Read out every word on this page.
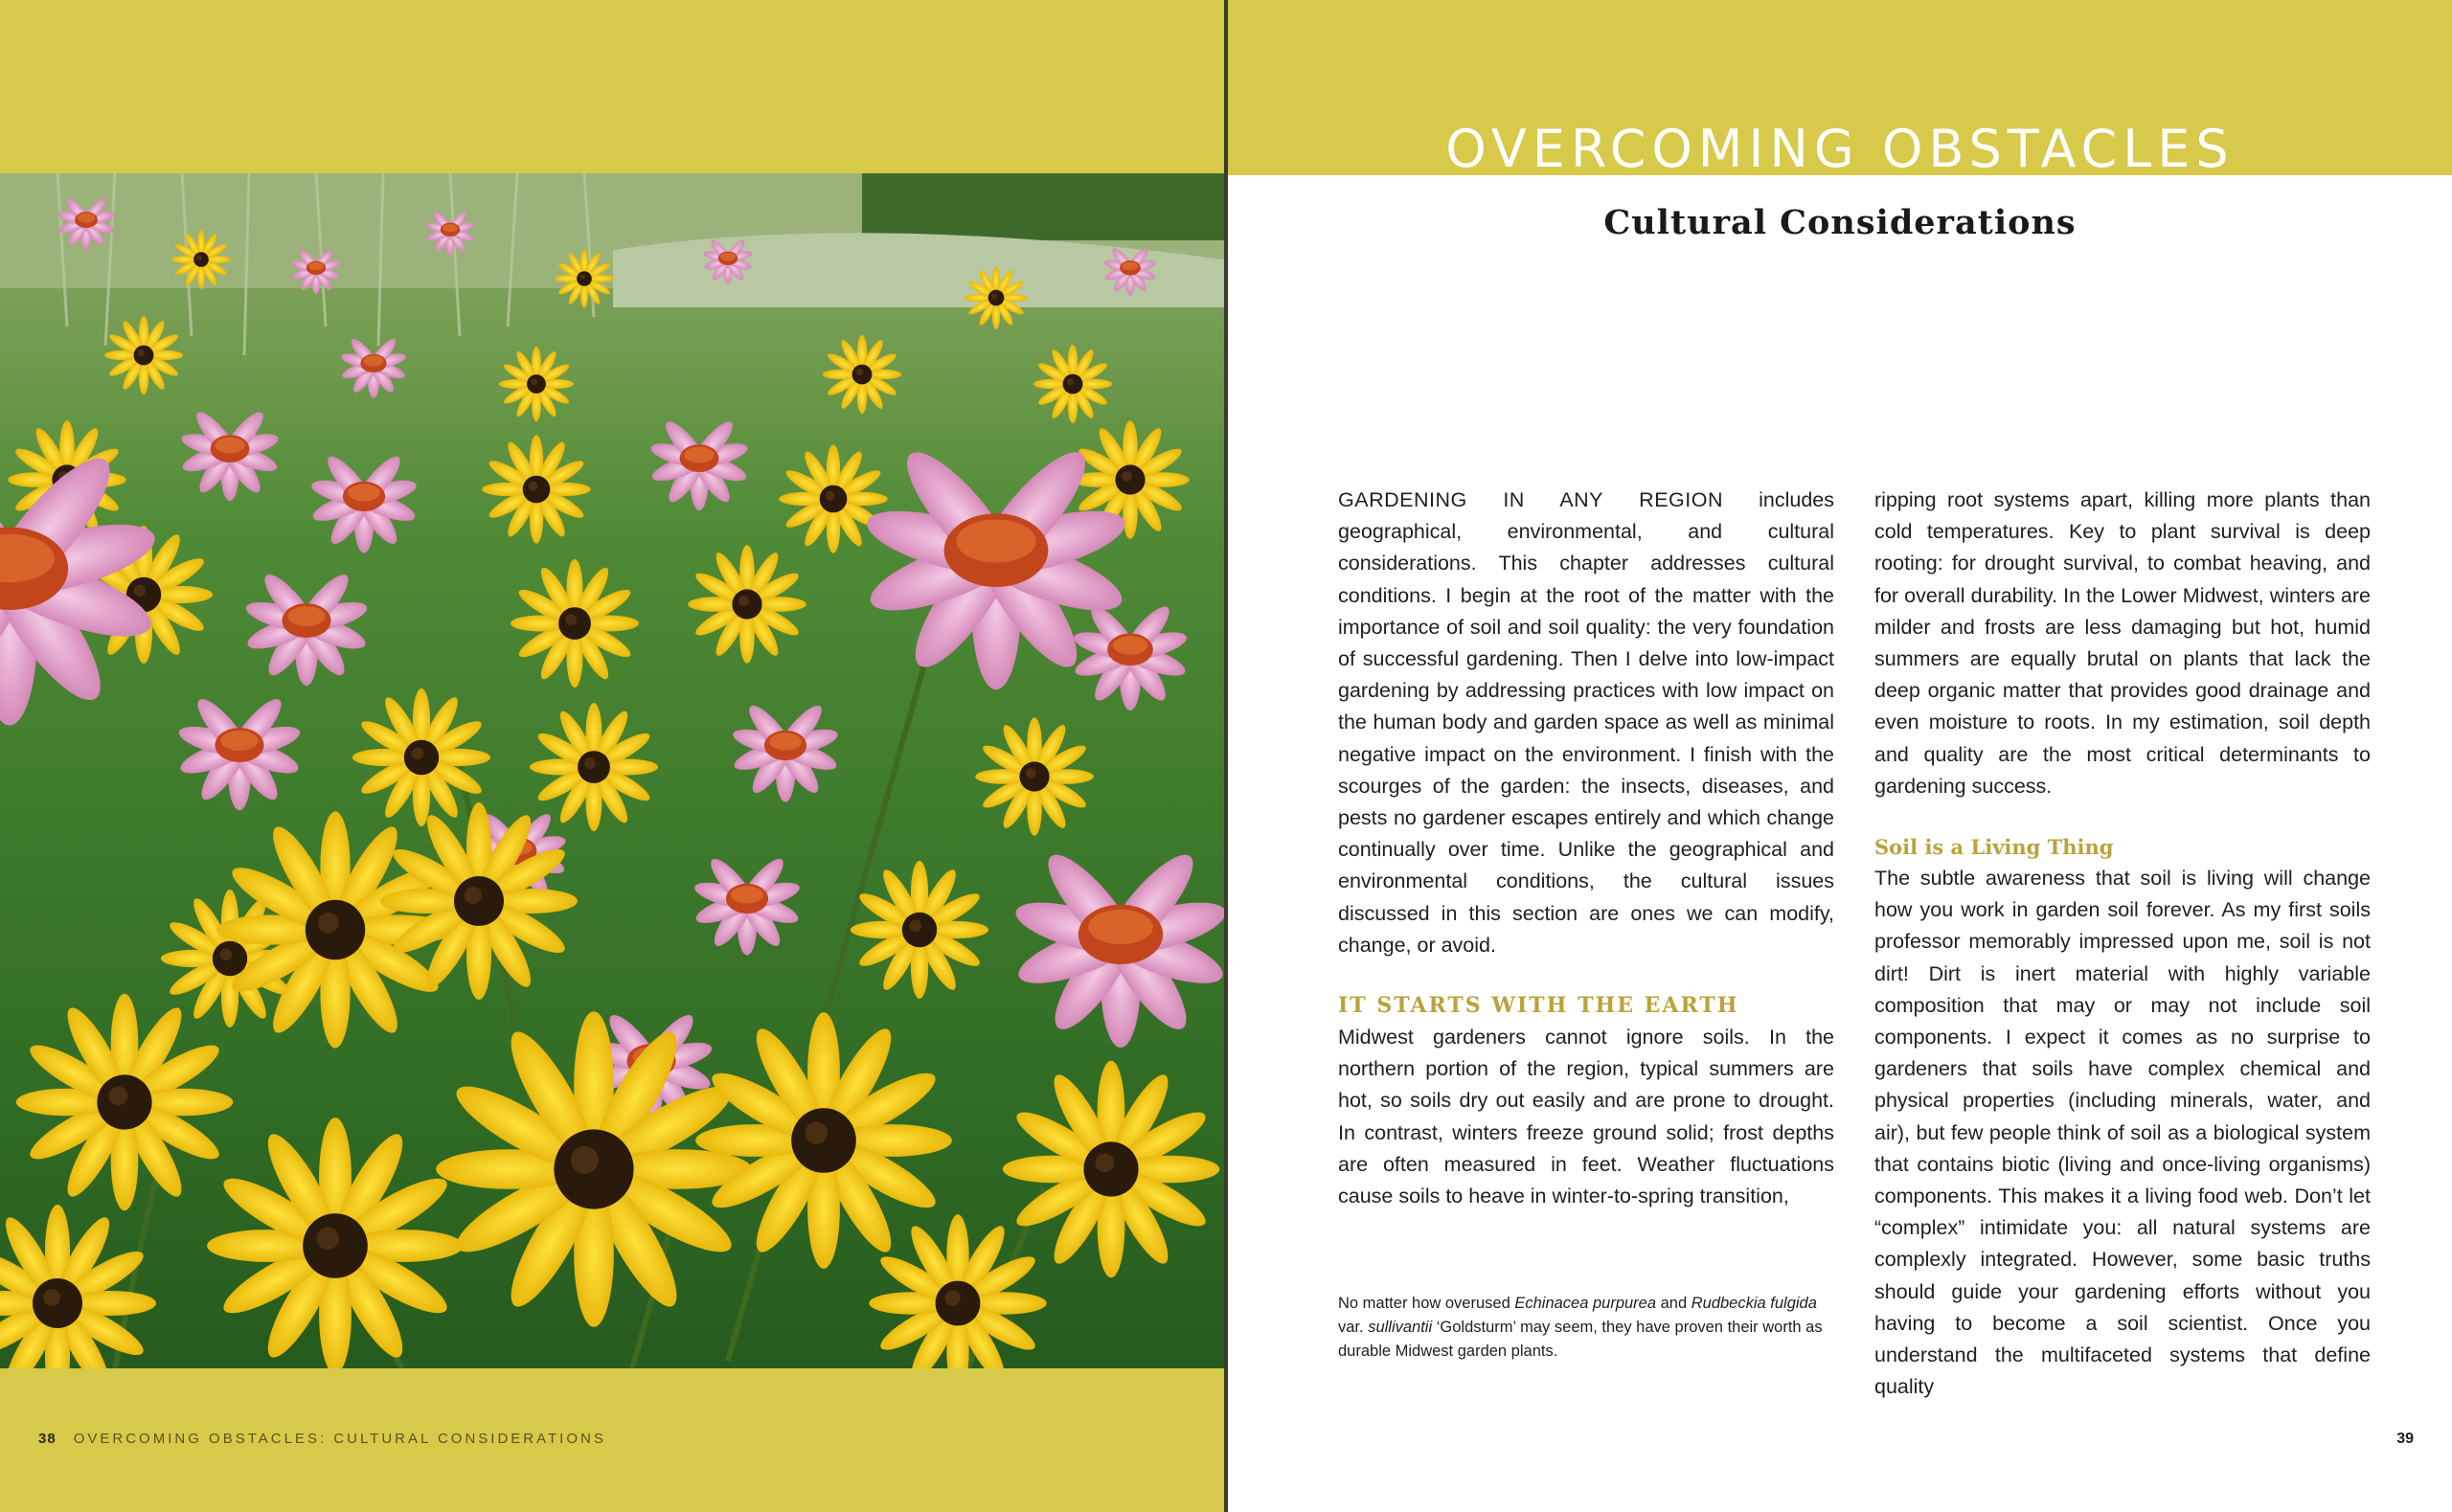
38 OVERCOMING OBSTACLES: CULTURAL CONSIDERATIONS
OVERCOMING OBSTACLES
Cultural Considerations

GARDENING IN ANY REGION includes geographical, environmental, and cultural considerations. This chapter addresses cultural conditions. I begin at the root of the matter with the importance of soil and soil quality: the very foundation of successful gardening. Then I delve into low-impact gardening by addressing practices with low impact on the human body and garden space as well as minimal negative impact on the environment. I finish with the scourges of the garden: the insects, diseases, and pests no gardener escapes entirely and which change continually over time. Unlike the geographical and environmental conditions, the cultural issues discussed in this section are ones we can modify, change, or avoid.

IT STARTS WITH THE EARTH

Midwest gardeners cannot ignore soils. In the northern portion of the region, typical summers are hot, so soils dry out easily and are prone to drought. In contrast, winters freeze ground solid; frost depths are often measured in feet. Weather fluctuations cause soils to heave in winter-to-spring transition,

No matter how overused Echinacea purpurea and Rudbeckia fulgida var. sullivantii ‘Goldsturm’ may seem, they have proven their worth as durable Midwest garden plants.

ripping root systems apart, killing more plants than cold temperatures. Key to plant survival is deep rooting: for drought survival, to combat heaving, and for overall durability. In the Lower Midwest, winters are milder and frosts are less damaging but hot, humid summers are equally brutal on plants that lack the deep organic matter that provides good drainage and even moisture to roots. In my estimation, soil depth and quality are the most critical determinants to gardening success.

Soil is a Living Thing

The subtle awareness that soil is living will change how you work in garden soil forever. As my first soils professor memorably impressed upon me, soil is not dirt! Dirt is inert material with highly variable composition that may or may not include soil components. I expect it comes as no surprise to gardeners that soils have complex chemical and physical properties (including minerals, water, and air), but few people think of soil as a biological system that contains biotic (living and once-living organisms) components. This makes it a living food web. Don’t let “complex” intimidate you: all natural systems are complexly integrated. However, some basic truths should guide your gardening efforts without you having to become a soil scientist. Once you understand the multifaceted systems that define quality

39
